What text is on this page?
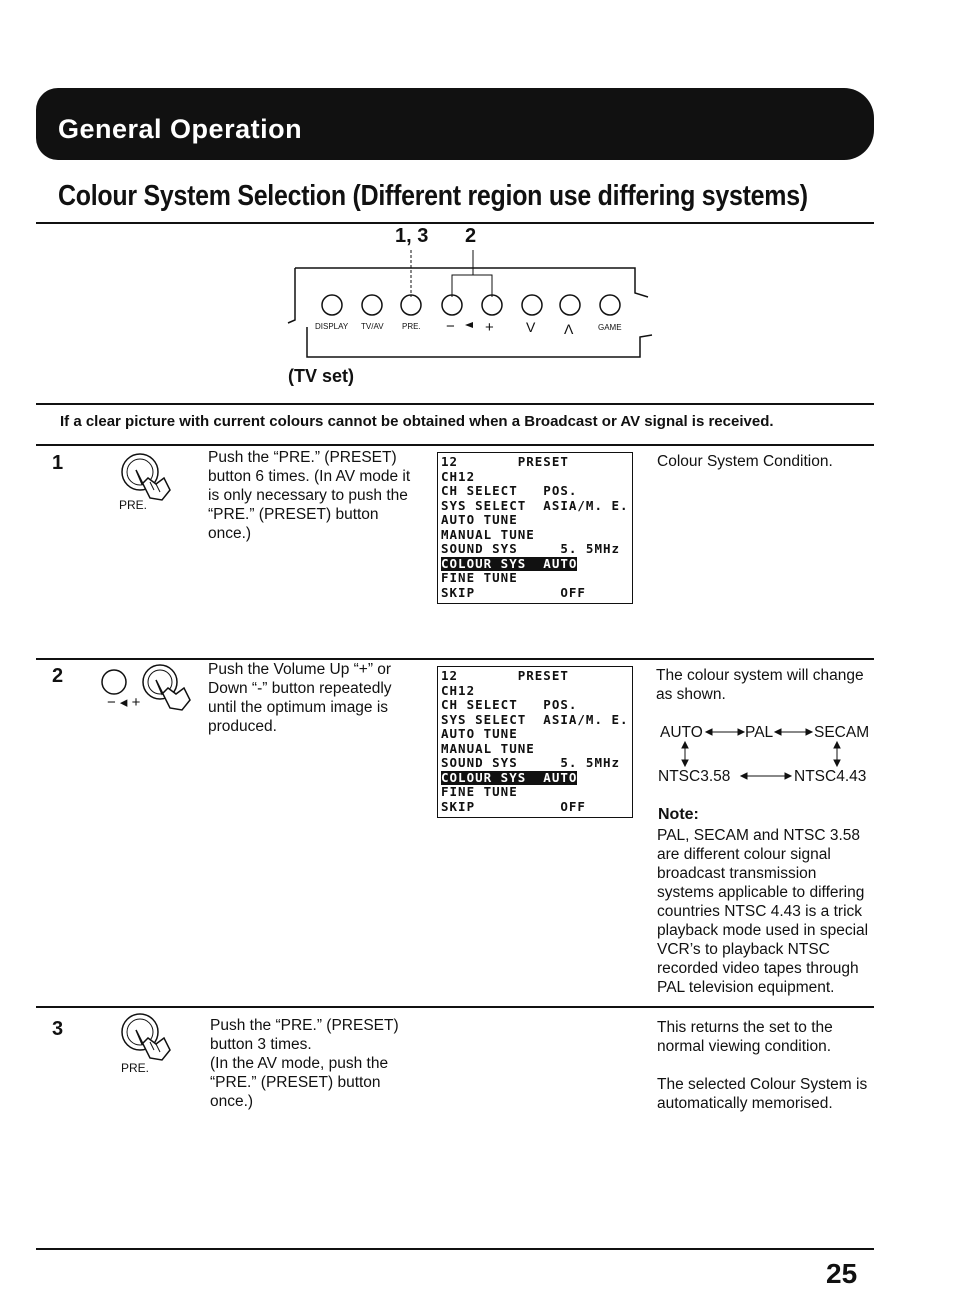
General Operation
Colour System Selection (Different region use differing systems)
1, 3 2
DISPLAY TV/AV PRE. − + V Λ	GAME
(TV set)
If a clear picture with current colours cannot be obtained when a Broadcast or AV signal is received.
1
PRE.
Push the “PRE.” (PRESET)
button 6 times. (In AV mode it
is only necessary to push the
“PRE.” (PRESET) button
once.)
12       PRESET
CH12
CH SELECT   POS.
SYS SELECT  ASIA/M. E.
AUTO TUNE
MANUAL TUNE
SOUND SYS     5. 5MHz
COLOUR SYS  AUTO
FINE TUNE
SKIP          OFF
Colour System Condition.
2
− ◂ +
Push the Volume Up “+” or
Down “-” button repeatedly
until the optimum image is
produced.
12       PRESET
CH12
CH SELECT   POS.
SYS SELECT  ASIA/M. E.
AUTO TUNE
MANUAL TUNE
SOUND SYS     5. 5MHz
COLOUR SYS  AUTO
FINE TUNE
SKIP          OFF
The colour system will change
as shown.
AUTO	PAL	SECAM
NTSC3.58	NTSC4.43
Note:
PAL, SECAM and NTSC 3.58
are different colour signal
broadcast transmission
systems applicable to differing
countries NTSC 4.43 is a trick
playback mode used in special
VCR’s to playback NTSC
recorded video tapes through
PAL television equipment.
3
PRE.
Push the “PRE.” (PRESET)
button 3 times.
(In the AV mode, push the
“PRE.” (PRESET) button
once.)
This returns the set to the
normal viewing condition.
The selected Colour System is
automatically memorised.
25
